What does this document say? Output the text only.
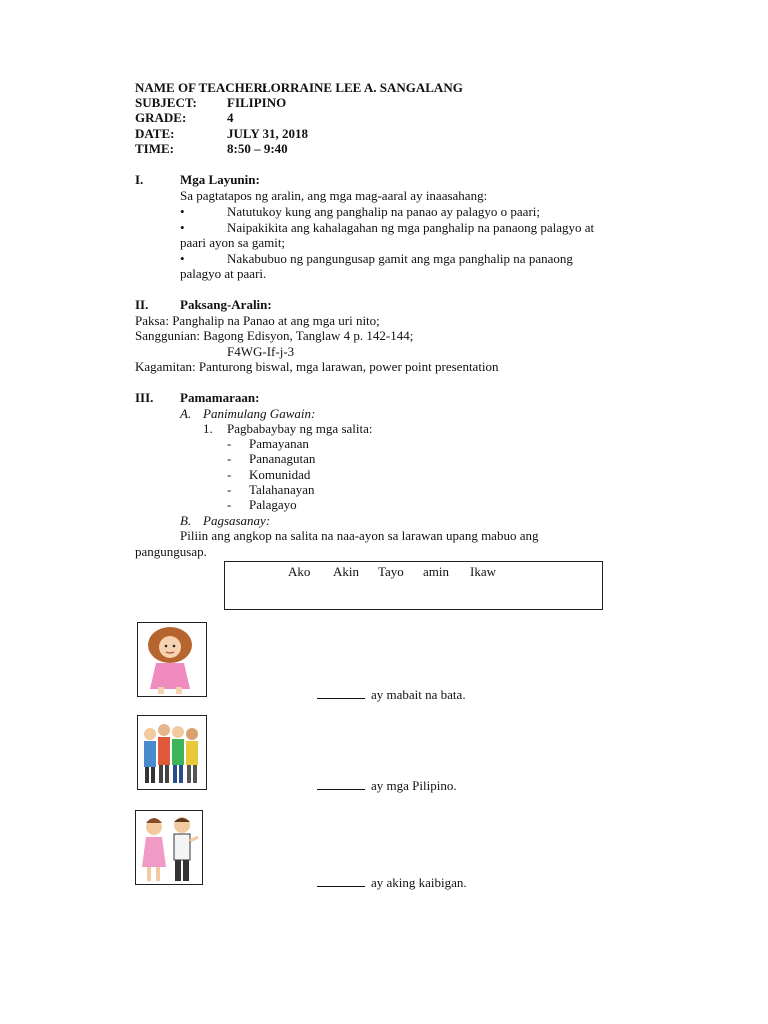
NAME OF TEACHER:
LORRAINE LEE A. SANGALANG
SUBJECT: FILIPINO
GRADE:	4
DATE:	JULY 31, 2018
TIME:	8:50 – 9:40
I.	Mga Layunin:
Sa pagtatapos ng aralin, ang mga mag-aaral ay inaasahang:
•	Natutukoy kung ang panghalip na panao ay palagyo o paari;
•	Naipakikita ang kahalagahan ng mga panghalip na panaong palagyo at
paari ayon sa gamit;
•	Nakabubuo ng pangungusap gamit ang mga panghalip na panaong
palagyo at paari.
II. Paksang-Aralin:
Paksa: Panghalip na Panao at ang mga uri nito;
Sanggunian: Bagong Edisyon, Tanglaw 4 p. 142-144;
F4WG-If-j-3
Kagamitan: Panturong biswal, mga larawan, power point presentation
III. Pamamaraan:
A. Panimulang Gawain:
1. Pagbabaybay ng mga salita:
- Pamayanan
- Pananagutan
- Komunidad
- Talahanayan
- Palagayo
B. Pagsasanay:
Piliin ang angkop na salita na naa-ayon sa larawan upang mabuo ang
pangungusap.
Ako Akin Tayo amin Ikaw
ay mabait na bata.
ay mga Pilipino.
ay aking kaibigan.
